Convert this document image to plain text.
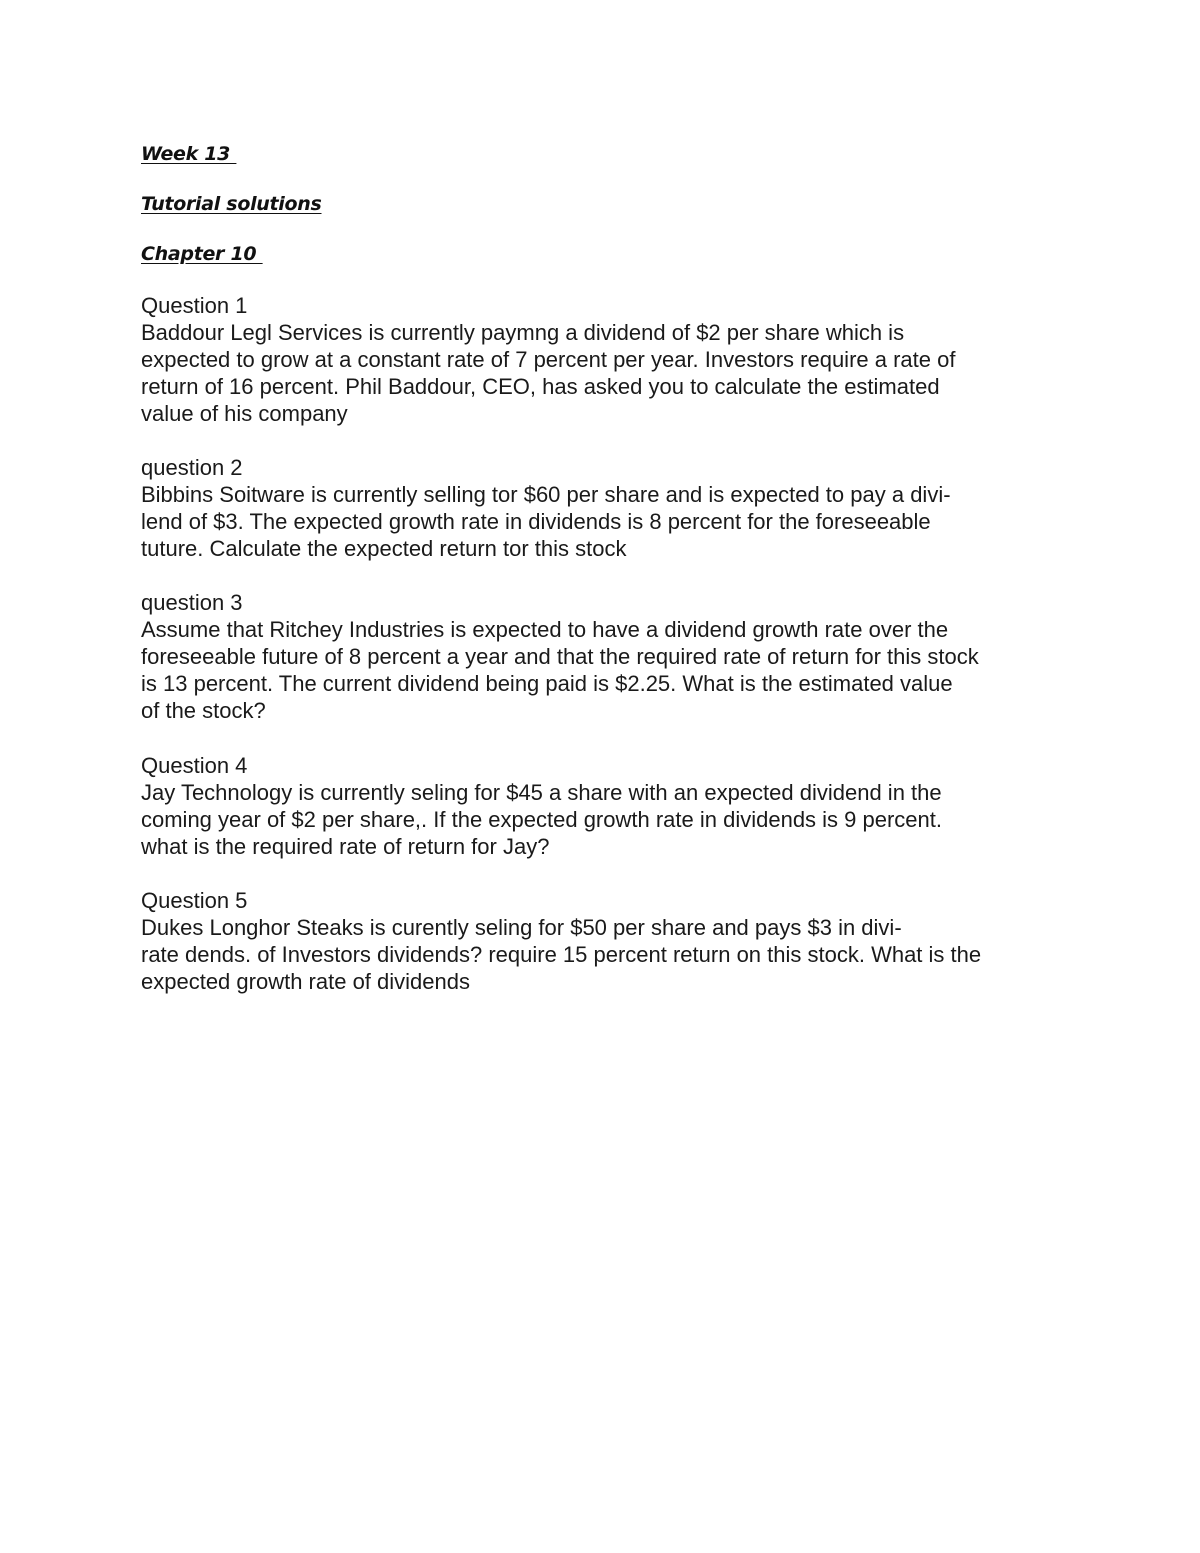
Week 13
Tutorial solutions
Chapter 10
Question 1
Baddour Legl Services is currently paymng a dividend of $2 per share which is
expected to grow at a constant rate of 7 percent per year. Investors require a rate of
return of 16 percent. Phil Baddour, CEO, has asked you to calculate the estimated
value of his company
question 2
Bibbins Soitware is currently selling tor $60 per share and is expected to pay a divi-
lend of $3. The expected growth rate in dividends is 8 percent for the foreseeable
tuture. Calculate the expected return tor this stock
question 3
Assume that Ritchey Industries is expected to have a dividend growth rate over the
foreseeable future of 8 percent a year and that the required rate of return for this stock
is 13 percent. The current dividend being paid is $2.25. What is the estimated value
of the stock?
Question 4
Jay Technology is currently seling for $45 a share with an expected dividend in the
coming year of $2 per share,. If the expected growth rate in dividends is 9 percent.
what is the required rate of return for Jay?
Question 5
Dukes Longhor Steaks is curently seling for $50 per share and pays $3 in divi-
rate dends. of Investors dividends? require 15 percent return on this stock. What is the
expected growth rate of dividends
